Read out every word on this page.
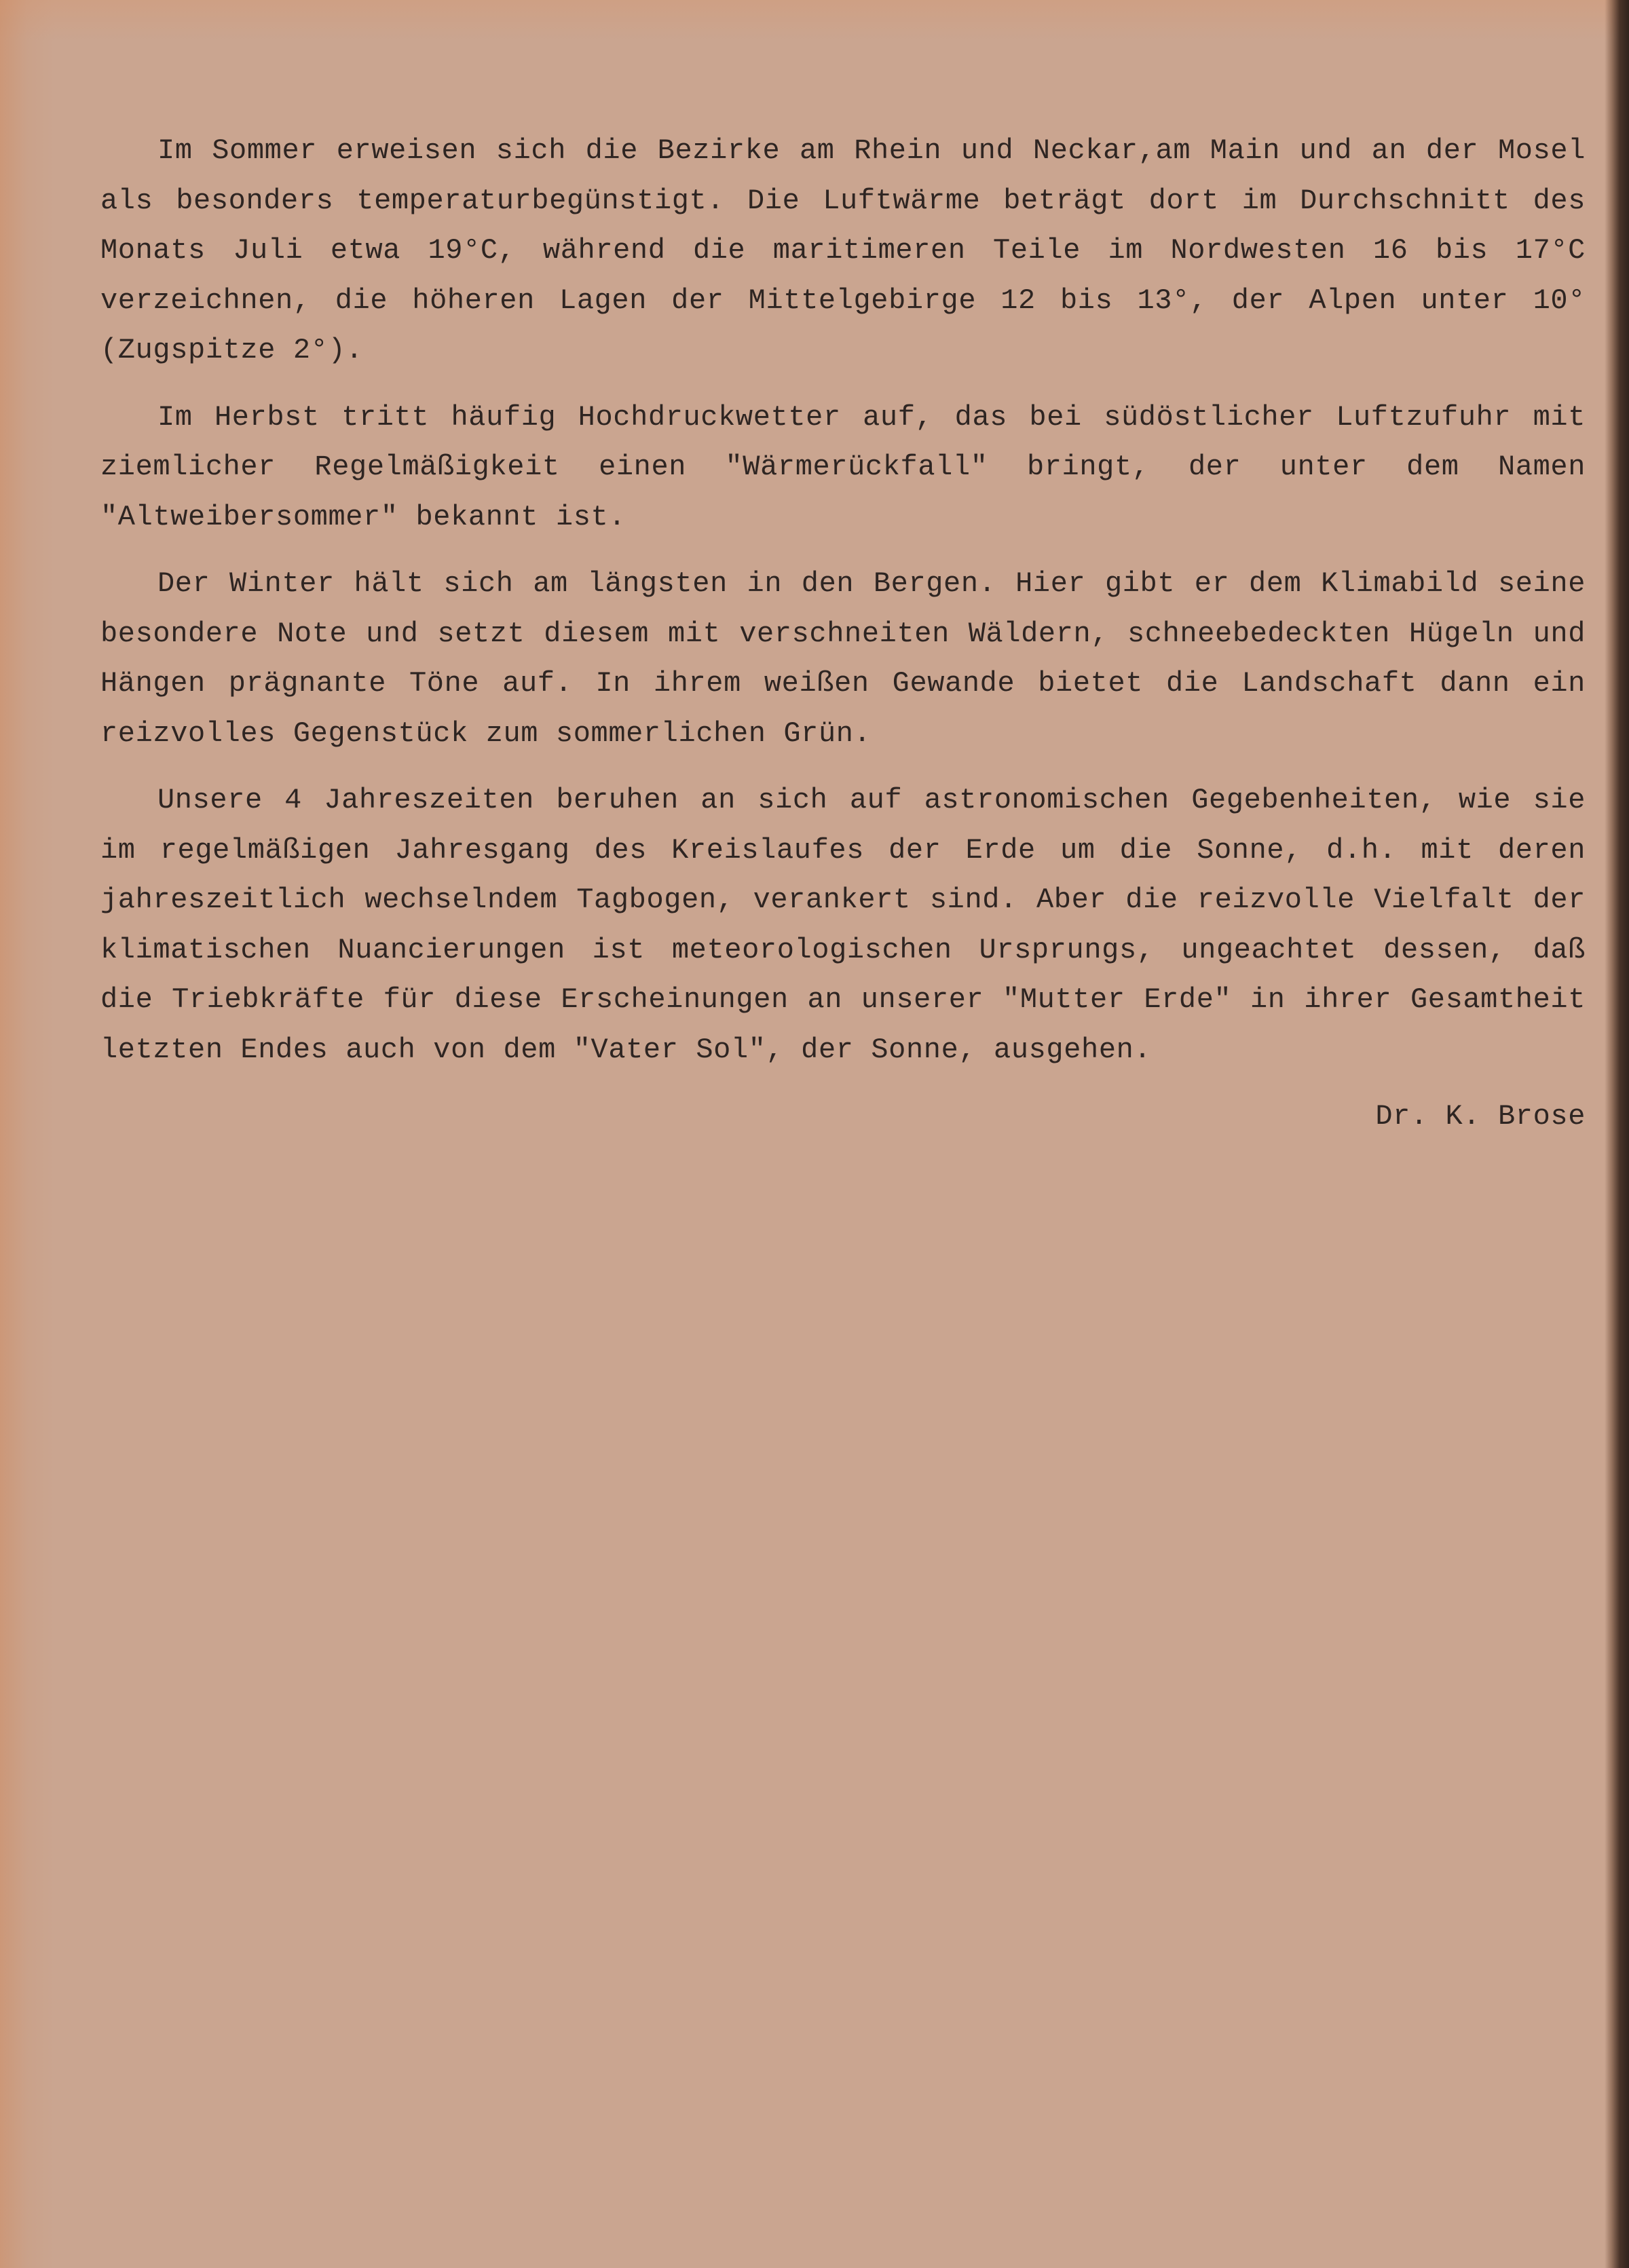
Im Sommer erweisen sich die Bezirke am Rhein und Neckar,am Main und an der Mosel als besonders temperaturbegünstigt. Die Luftwärme beträgt dort im Durchschnitt des Monats Juli etwa 19°C, während die maritimeren Teile im Nordwesten 16 bis 17°C verzeichnen, die höheren Lagen der Mittelgebirge 12 bis 13°, der Alpen unter 10° (Zugspitze 2°).

Im Herbst tritt häufig Hochdruckwetter auf, das bei südöstlicher Luftzufuhr mit ziemlicher Regelmäßigkeit einen "Wärmerückfall" bringt, der unter dem Namen "Altweibersommer" bekannt ist.

Der Winter hält sich am längsten in den Bergen. Hier gibt er dem Klimabild seine besondere Note und setzt diesem mit verschneiten Wäldern, schneebedeckten Hügeln und Hängen prägnante Töne auf. In ihrem weißen Gewande bietet die Landschaft dann ein reizvolles Gegenstück zum sommerlichen Grün.

Unsere 4 Jahreszeiten beruhen an sich auf astronomischen Gegebenheiten, wie sie im regelmäßigen Jahresgang des Kreislaufes der Erde um die Sonne, d.h. mit deren jahreszeitlich wechselndem Tagbogen, verankert sind. Aber die reizvolle Vielfalt der klimatischen Nuancierungen ist meteorologischen Ursprungs, ungeachtet dessen, daß die Triebkräfte für diese Erscheinungen an unserer "Mutter Erde" in ihrer Gesamtheit letzten Endes auch von dem "Vater Sol", der Sonne, ausgehen.

Dr. K. Brose
